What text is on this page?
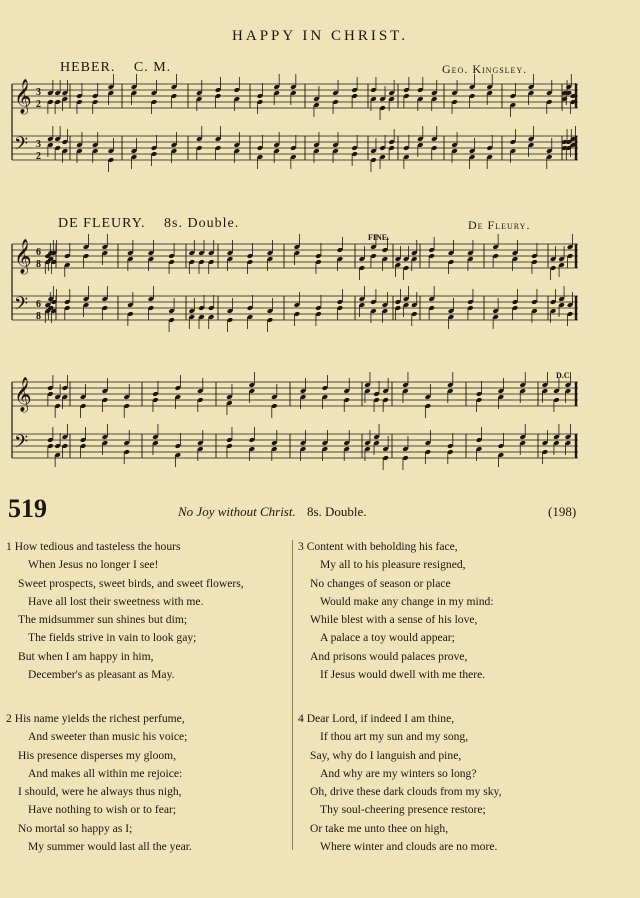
HAPPY IN CHRIST.
HEBER. C. M.	Geo. Kingsley.
DE FLEURY. 8s. Double.	De Fleury.
FINE.
D.C.
𝄞
𝄢
3
2
3
2
𝄞
𝄢
6
8
6
8
𝄞
𝄢
519	No Joy without Christ. 8s. Double.	(198)
1 How tedious and tasteless the hours
When Jesus no longer I see!
Sweet prospects, sweet birds, and sweet flowers,
Have all lost their sweetness with me.
The midsummer sun shines but dim;
The fields strive in vain to look gay;
But when I am happy in him,
December's as pleasant as May.
2 His name yields the richest perfume,
And sweeter than music his voice;
His presence disperses my gloom,
And makes all within me rejoice:
I should, were he always thus nigh,
Have nothing to wish or to fear;
No mortal so happy as I;
My summer would last all the year.
3 Content with beholding his face,
My all to his pleasure resigned,
No changes of season or place
Would make any change in my mind:
While blest with a sense of his love,
A palace a toy would appear;
And prisons would palaces prove,
If Jesus would dwell with me there.
4 Dear Lord, if indeed I am thine,
If thou art my sun and my song,
Say, why do I languish and pine,
And why are my winters so long?
Oh, drive these dark clouds from my sky,
Thy soul-cheering presence restore;
Or take me unto thee on high,
Where winter and clouds are no more.
